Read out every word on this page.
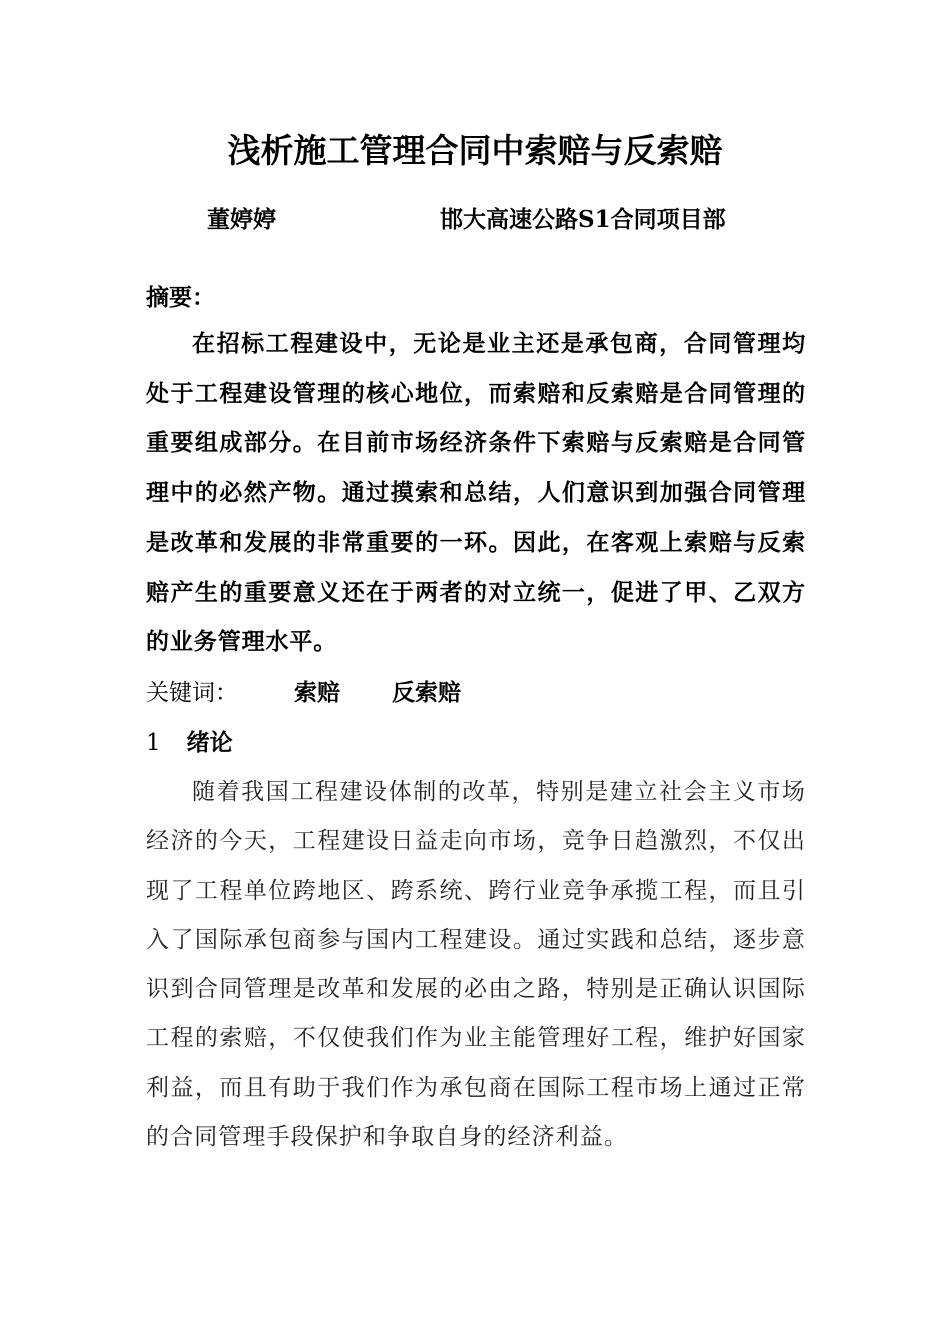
浅析施工管理合同中索赔与反索赔
董婷婷	邯大高速公路S1合同项目部
摘要：

在招标工程建设中，无论是业主还是承包商，合同管理均处于工程建设管理的核心地位，而索赔和反索赔是合同管理的重要组成部分。在目前市场经济条件下索赔与反索赔是合同管理中的必然产物。通过摸索和总结，人们意识到加强合同管理是改革和发展的非常重要的一环。因此，在客观上索赔与反索赔产生的重要意义还在于两者的对立统一，促进了甲、乙双方的业务管理水平。

关键词： 索赔 反索赔
1 绪论

随着我国工程建设体制的改革，特别是建立社会主义市场经济的今天，工程建设日益走向市场，竞争日趋激烈，不仅出现了工程单位跨地区、跨系统、跨行业竞争承揽工程，而且引入了国际承包商参与国内工程建设。通过实践和总结，逐步意识到合同管理是改革和发展的必由之路，特别是正确认识国际工程的索赔，不仅使我们作为业主能管理好工程，维护好国家利益，而且有助于我们作为承包商在国际工程市场上通过正常的合同管理手段保护和争取自身的经济利益。
